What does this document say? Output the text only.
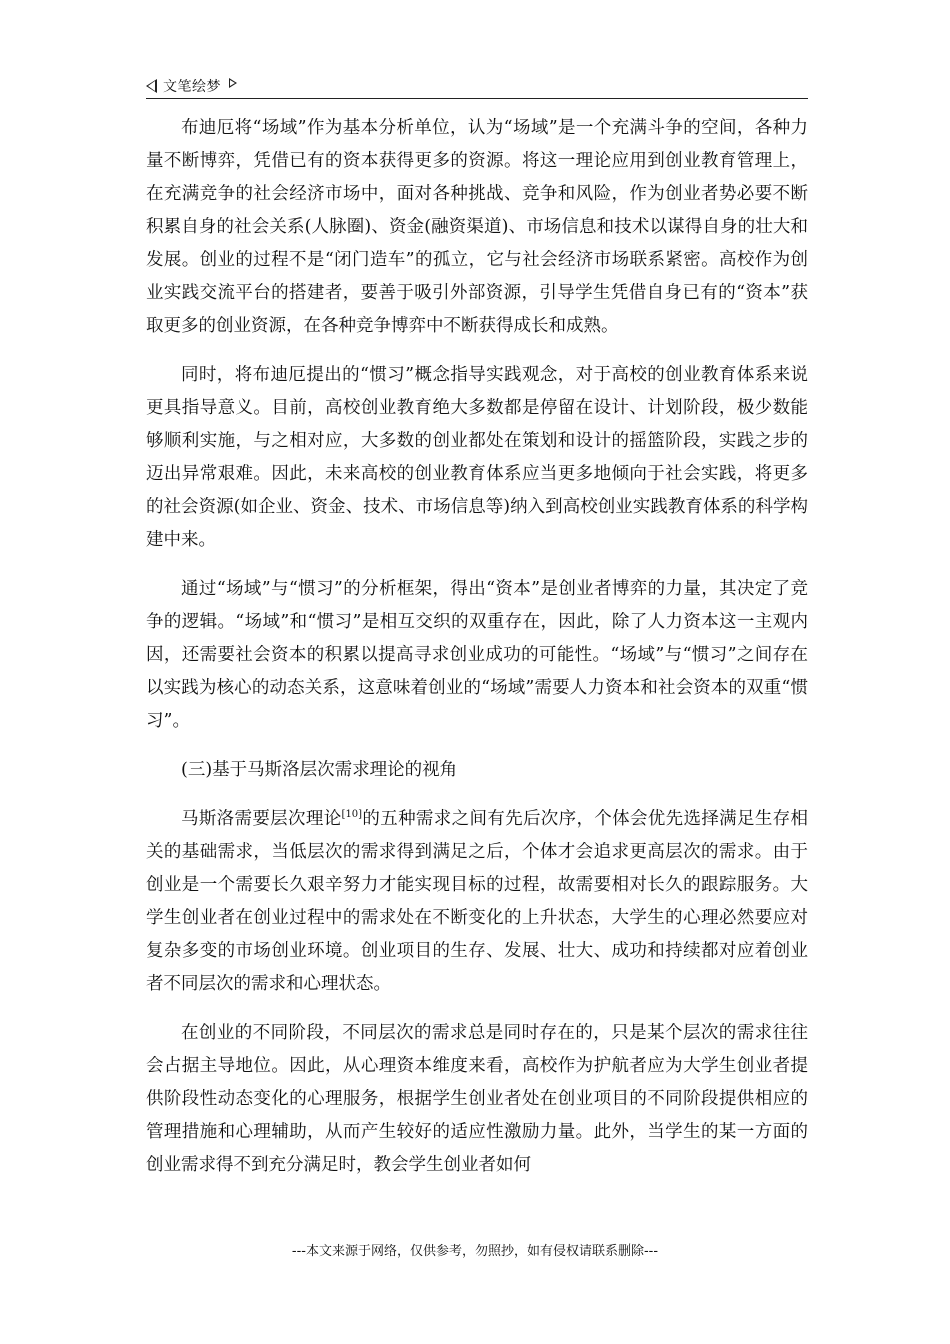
文笔绘梦

布迪厄将“场域”作为基本分析单位，认为“场域”是一个充满斗争的空间，各种力量不断博弈，凭借已有的资本获得更多的资源。将这一理论应用到创业教育管理上，在充满竞争的社会经济市场中，面对各种挑战、竞争和风险，作为创业者势必要不断积累自身的社会关系(人脉圈)、资金(融资渠道)、市场信息和技术以谋得自身的壮大和发展。创业的过程不是“闭门造车”的孤立，它与社会经济市场联系紧密。高校作为创业实践交流平台的搭建者，要善于吸引外部资源，引导学生凭借自身已有的“资本”获取更多的创业资源，在各种竞争博弈中不断获得成长和成熟。

同时，将布迪厄提出的“惯习”概念指导实践观念，对于高校的创业教育体系来说更具指导意义。目前，高校创业教育绝大多数都是停留在设计、计划阶段，极少数能够顺利实施，与之相对应，大多数的创业都处在策划和设计的摇篮阶段，实践之步的迈出异常艰难。因此，未来高校的创业教育体系应当更多地倾向于社会实践，将更多的社会资源(如企业、资金、技术、市场信息等)纳入到高校创业实践教育体系的科学构建中来。

通过“场域”与“惯习”的分析框架，得出“资本”是创业者博弈的力量，其决定了竞争的逻辑。“场域”和“惯习”是相互交织的双重存在，因此，除了人力资本这一主观内因，还需要社会资本的积累以提高寻求创业成功的可能性。“场域”与“惯习”之间存在以实践为核心的动态关系，这意味着创业的“场域”需要人力资本和社会资本的双重“惯习”。

(三)基于马斯洛层次需求理论的视角

马斯洛需要层次理论[10]的五种需求之间有先后次序，个体会优先选择满足生存相关的基础需求，当低层次的需求得到满足之后，个体才会追求更高层次的需求。由于创业是一个需要长久艰辛努力才能实现目标的过程，故需要相对长久的跟踪服务。大学生创业者在创业过程中的需求处在不断变化的上升状态，大学生的心理必然要应对复杂多变的市场创业环境。创业项目的生存、发展、壮大、成功和持续都对应着创业者不同层次的需求和心理状态。

在创业的不同阶段，不同层次的需求总是同时存在的，只是某个层次的需求往往会占据主导地位。因此，从心理资本维度来看，高校作为护航者应为大学生创业者提供阶段性动态变化的心理服务，根据学生创业者处在创业项目的不同阶段提供相应的管理措施和心理辅助，从而产生较好的适应性激励力量。此外，当学生的某一方面的创业需求得不到充分满足时，教会学生创业者如何

---本文来源于网络，仅供参考，勿照抄，如有侵权请联系删除---
